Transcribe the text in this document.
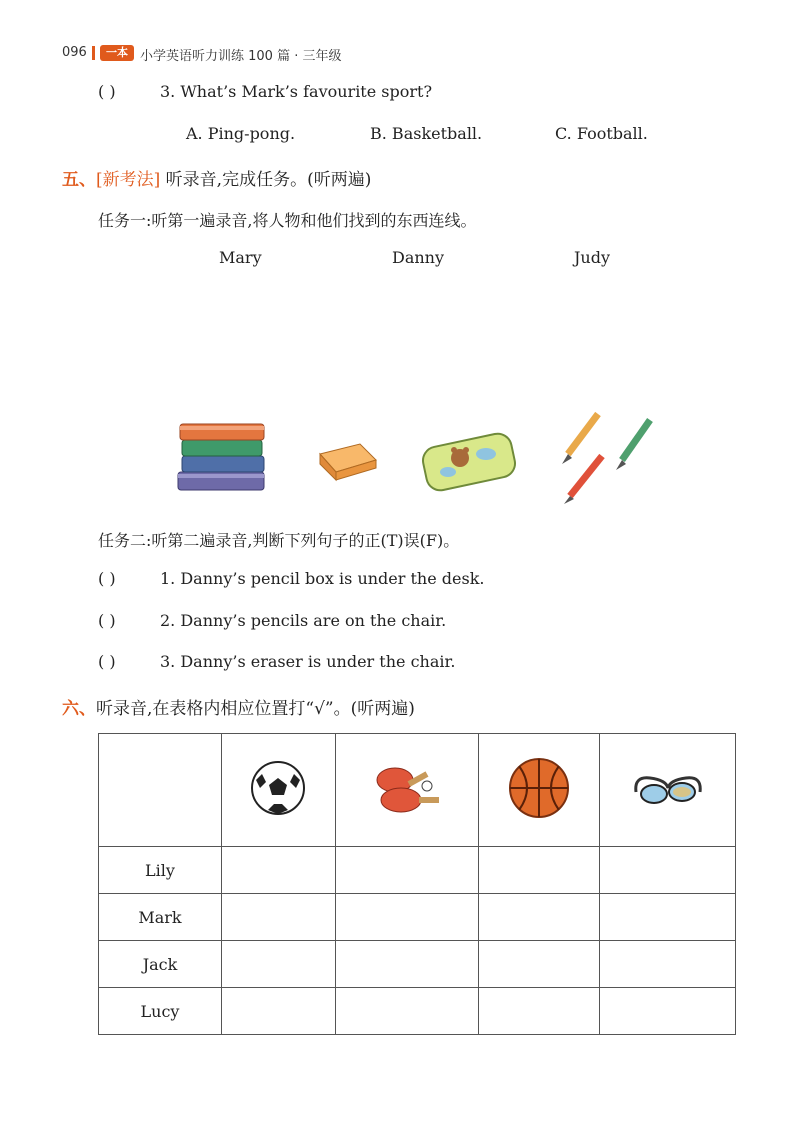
096	一本 小学英语听力训练 100 篇 · 三年级
( )	3. What’s Mark’s favourite sport?
A. Ping-pong.	B. Basketball.	C. Football.
五、[新考法] 听录音,完成任务。(听两遍)
任务一:听第一遍录音,将人物和他们找到的东西连线。
Mary	Danny	Judy
任务二:听第二遍录音,判断下列句子的正(T)误(F)。
( )	1. Danny’s pencil box is under the desk.
( )	2. Danny’s pencils are on the chair.
( )	3. Danny’s eraser is under the chair.
六、听录音,在表格内相应位置打“√”。(听两遍)

Lily				
Mark				
Jack				
Lucy				
